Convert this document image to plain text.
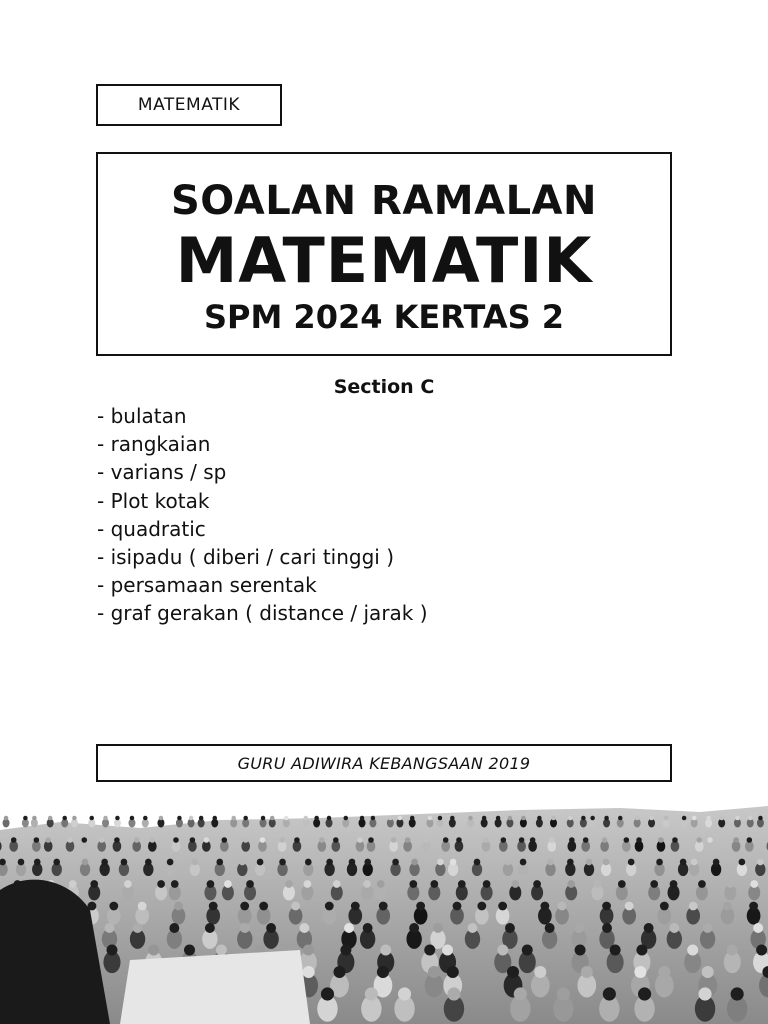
MATEMATIK
SOALAN RAMALAN
MATEMATIK
SPM 2024 KERTAS 2
Section C
- bulatan
- rangkaian
- varians / sp
- Plot kotak
- quadratic
- isipadu ( diberi / cari tinggi )
- persamaan serentak
- graf gerakan ( distance / jarak )
GURU ADIWIRA KEBANGSAAN 2019
